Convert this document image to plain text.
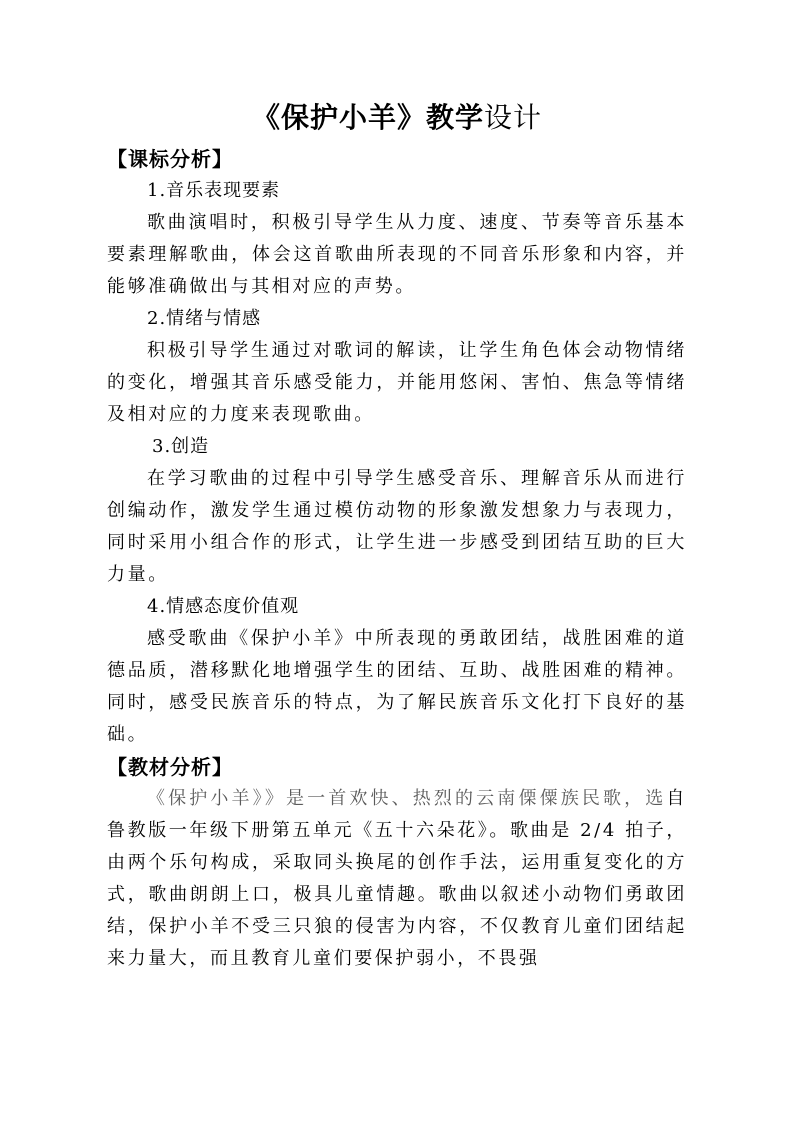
《保护小羊》教学设计

【课标分析】

1.音乐表现要素

歌曲演唱时，积极引导学生从力度、速度、节奏等音乐基本要素理解歌曲，体会这首歌曲所表现的不同音乐形象和内容，并能够准确做出与其相对应的声势。

2.情绪与情感

积极引导学生通过对歌词的解读，让学生角色体会动物情绪的变化，增强其音乐感受能力，并能用悠闲、害怕、焦急等情绪及相对应的力度来表现歌曲。

3.创造

在学习歌曲的过程中引导学生感受音乐、理解音乐从而进行创编动作，激发学生通过模仿动物的形象激发想象力与表现力，同时采用小组合作的形式，让学生进一步感受到团结互助的巨大力量。

4.情感态度价值观

感受歌曲《保护小羊》中所表现的勇敢团结，战胜困难的道德品质，潜移默化地增强学生的团结、互助、战胜困难的精神。同时，感受民族音乐的特点，为了解民族音乐文化打下良好的基础。

【教材分析】

《保护小羊》》是一首欢快、热烈的云南傈僳族民歌，选自鲁教版一年级下册第五单元《五十六朵花》。歌曲是 2/4 拍子，由两个乐句构成，采取同头换尾的创作手法，运用重复变化的方式，歌曲朗朗上口，极具儿童情趣。歌曲以叙述小动物们勇敢团结，保护小羊不受三只狼的侵害为内容，不仅教育儿童们团结起来力量大，而且教育儿童们要保护弱小，不畏强
